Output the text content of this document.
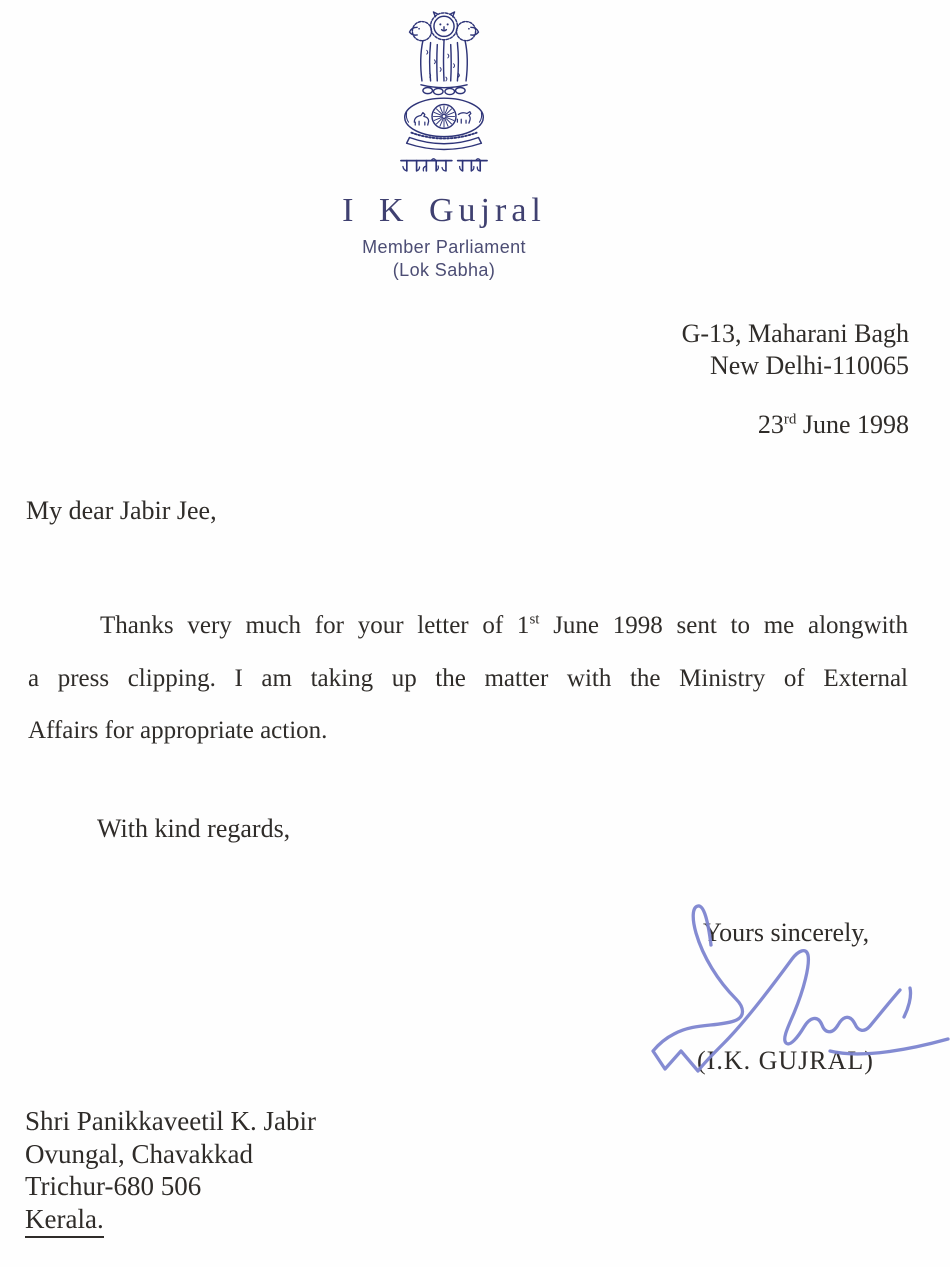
I K Gujral
Member Parliament
(Lok Sabha)
G-13, Maharani Bagh
New Delhi-110065
23rd June 1998
My dear Jabir Jee,
Thanks very much for your letter of 1st June 1998 sent to me alongwith
a press clipping. I am taking up the matter with the Ministry of External
Affairs for appropriate action.
With kind regards,
Yours sincerely,
(I.K. GUJRAL)
Shri Panikkaveetil K. Jabir
Ovungal, Chavakkad
Trichur-680 506
Kerala.
